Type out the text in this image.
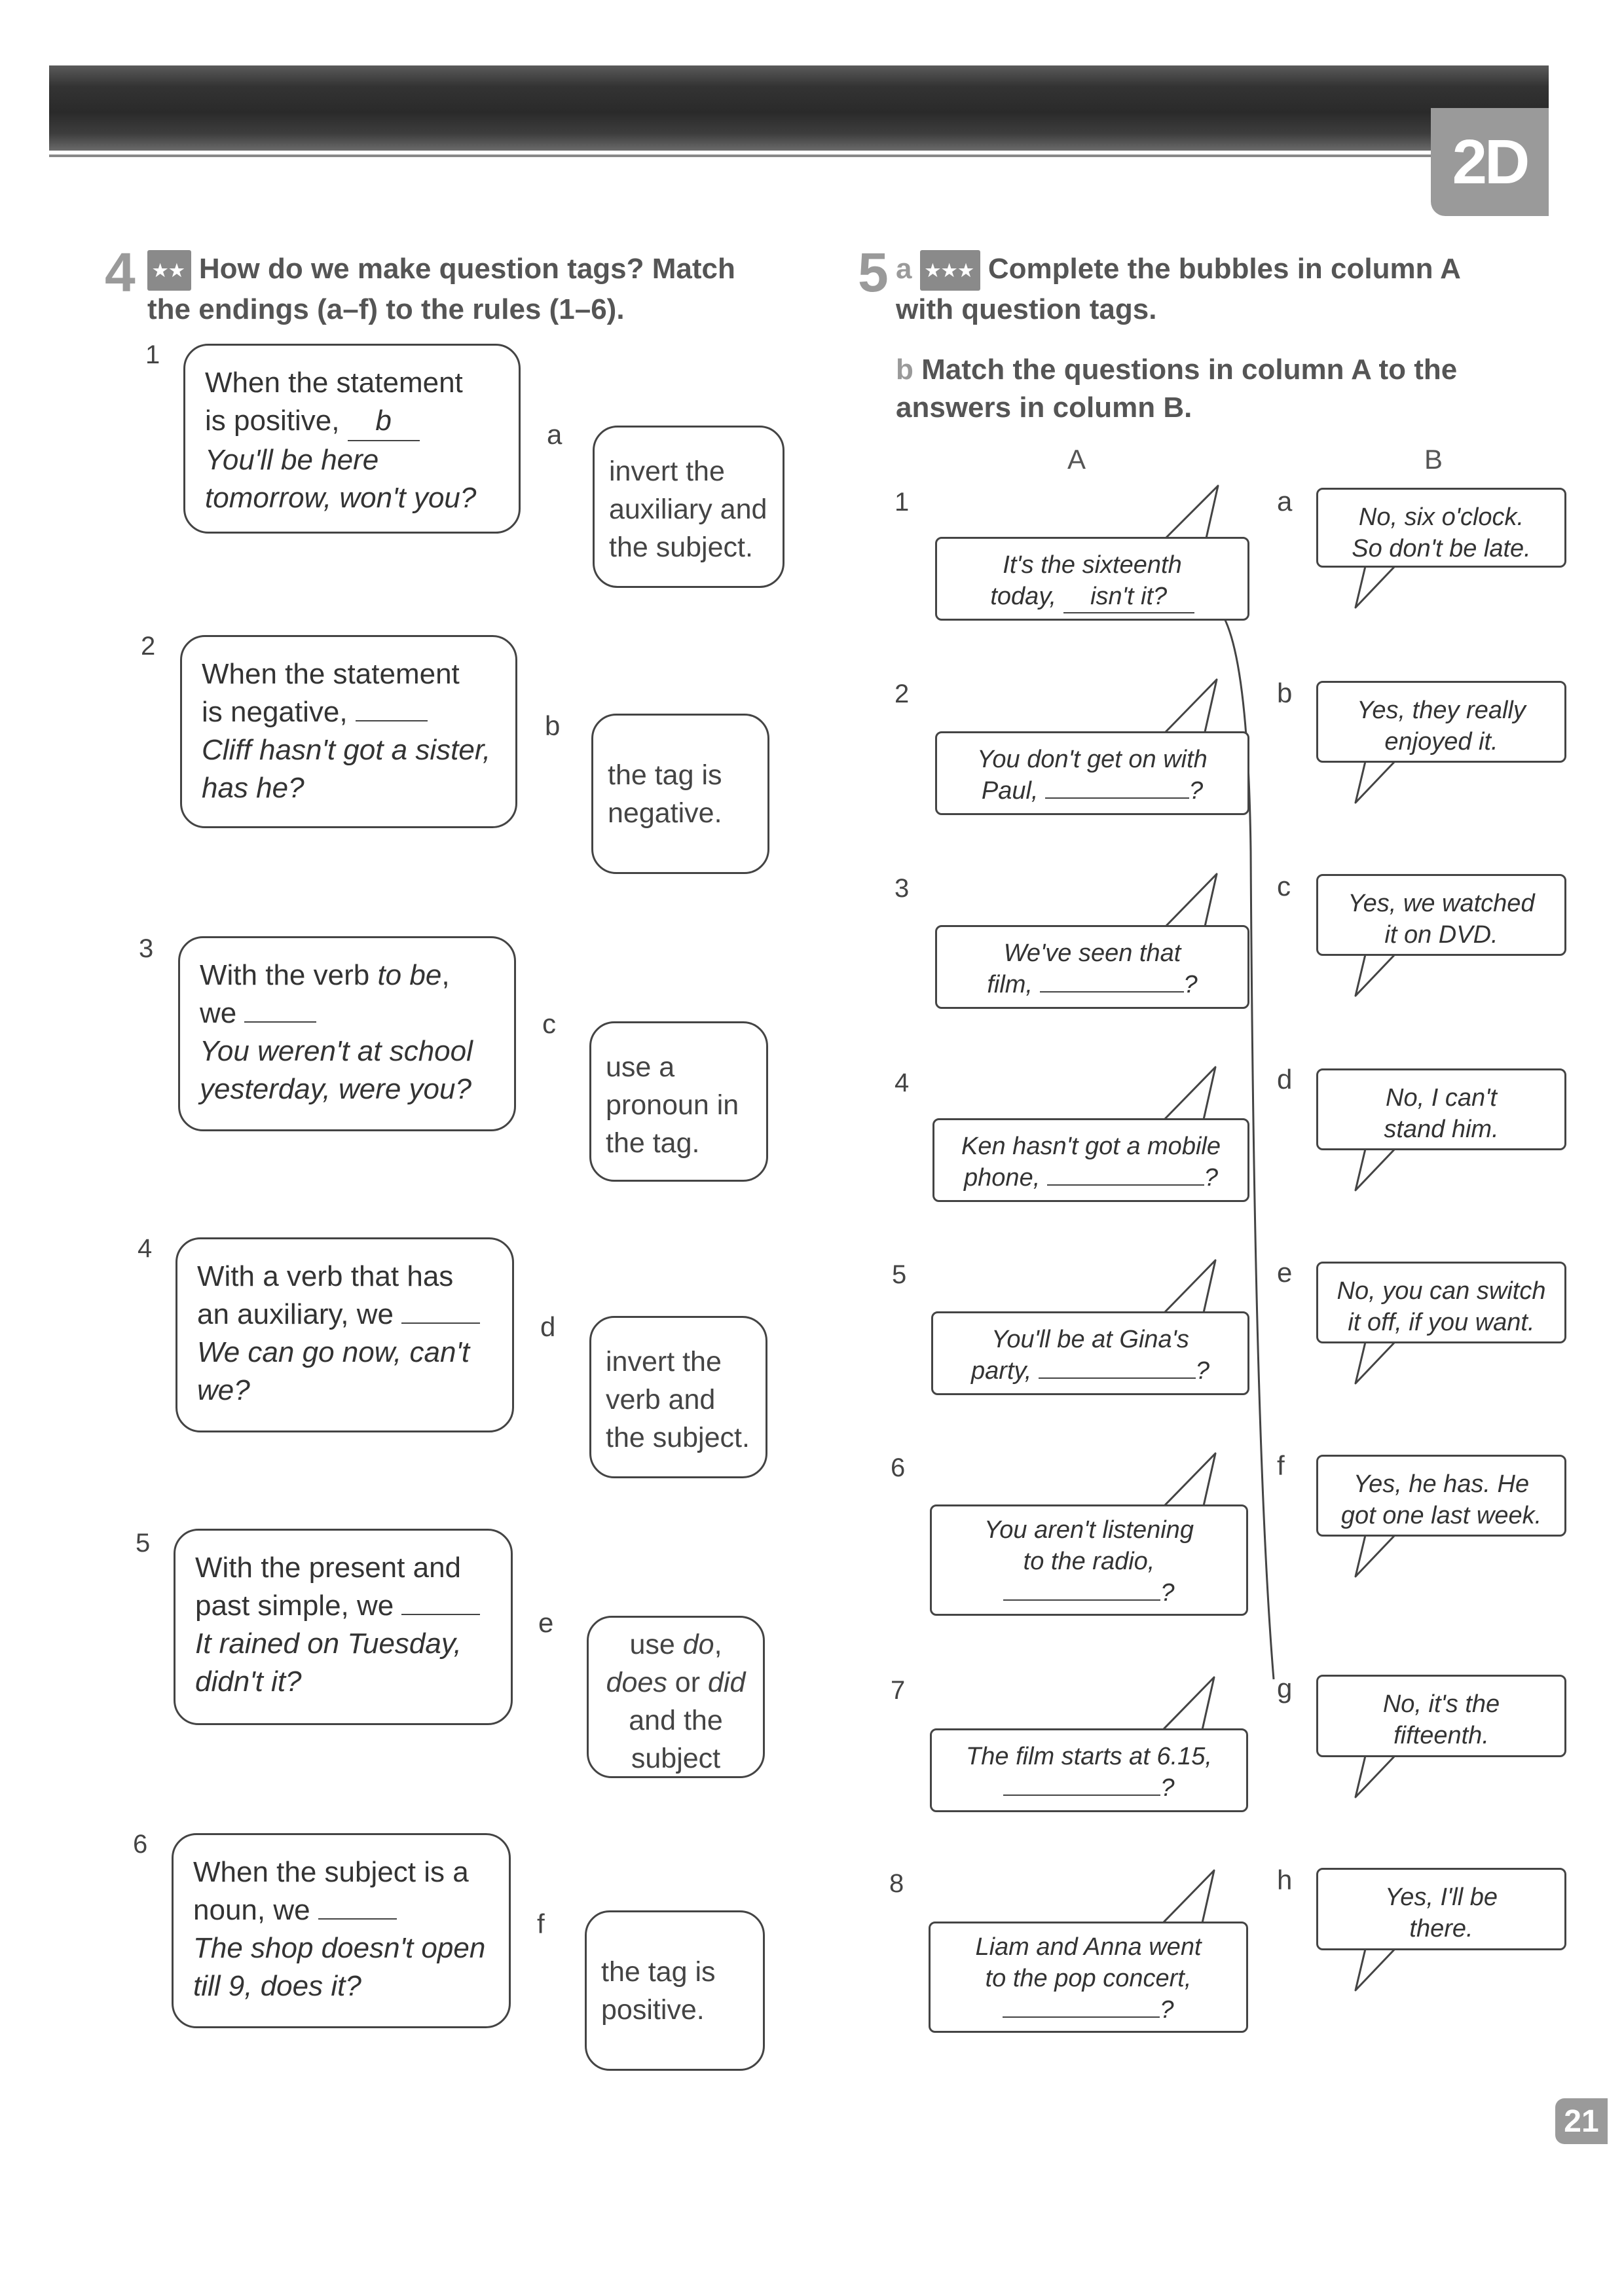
2D
4	★★ How do we make question tags? Match
the endings (a–f) to the rules (1–6).
1
When the statement
is positive, b
You'll be here
tomorrow, won't you?
2
When the statement
is negative,
Cliff hasn't got a sister,
has he?
3
With the verb to be,
we
You weren't at school
yesterday, were you?
4
With a verb that has
an auxiliary, we
We can go now, can't
we?
5
With the present and
past simple, we
It rained on Tuesday,
didn't it?
6
When the subject is a
noun, we
The shop doesn't open
till 9, does it?
a
invert the
auxiliary and
the subject.
b
the tag is
negative.
c
use a
pronoun in
the tag.
d
invert the
verb and
the subject.
e
use do,
does or did
and the
subject
f
the tag is
positive.
5 a ★★★ Complete the bubbles in column A
with question tags.
b Match the questions in column A to the
answers in column B.
A	B
1
It's the sixteenth
today, isn't it?
2
You don't get on with
Paul,	?
3
We've seen that
film,	?
4
Ken hasn't got a mobile
phone,	?
5
You'll be at Gina's
party,	?
6
You aren't listening
to the radio,
?
7
The film starts at 6.15,
?
8
Liam and Anna went
to the pop concert,
?
a
No, six o'clock.
So don't be late.
b
Yes, they really
enjoyed it.
c
Yes, we watched
it on DVD.
d
No, I can't
stand him.
e
No, you can switch
it off, if you want.
f
Yes, he has. He
got one last week.
g
No, it's the
fifteenth.
h
Yes, I'll be
there.
21
